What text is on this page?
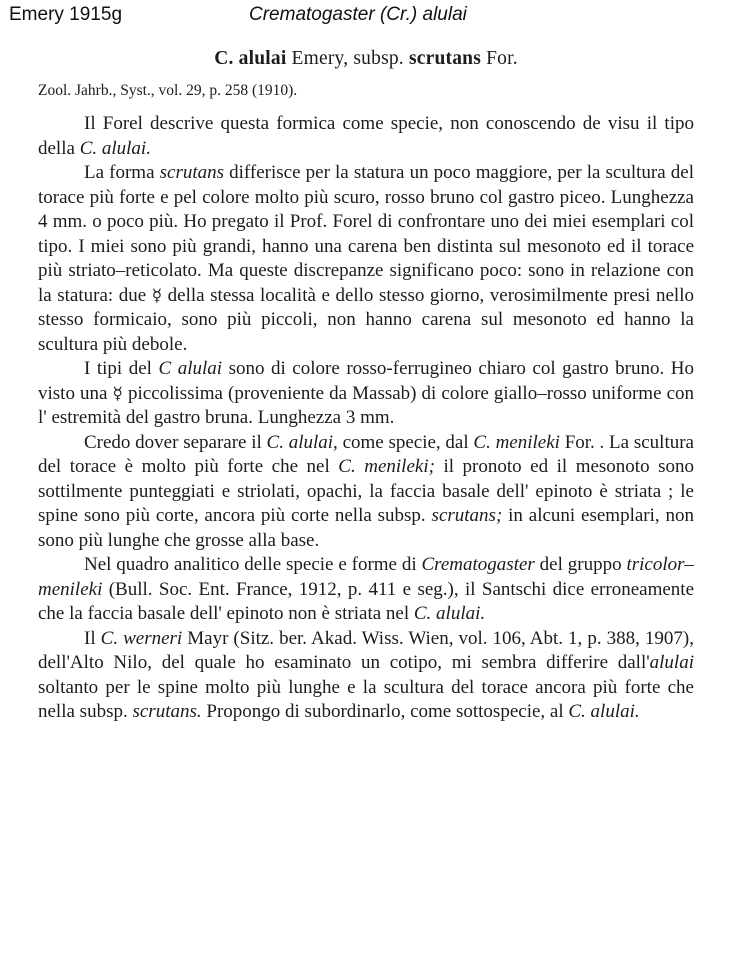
Emery 1915g	Crematogaster (Cr.) alulai
C. alulai Emery, subsp. scrutans For.
Zool. Jahrb., Syst., vol. 29, p. 258 (1910).

Il Forel descrive questa formica come specie, non conoscendo de visu il tipo della C. alulai.

La forma scrutans differisce per la statura un poco maggiore, per la scultura del torace più forte e pel colore molto più scuro, rosso bruno col gastro piceo. Lunghezza 4 mm. o poco più. Ho pregato il Prof. Forel di confrontare uno dei miei esemplari col tipo. I miei sono più grandi, hanno una carena ben distinta sul mesonoto ed il torace più striato–reticolato. Ma queste discrepanze significano poco: sono in relazione con la statura: due ☿ della stessa località e dello stesso giorno, verosimilmente presi nello stesso formicaio, sono più piccoli, non hanno carena sul mesonoto ed hanno la scultura più debole.

I tipi del C alulai sono di colore rosso-ferrugineo chiaro col gastro bruno. Ho visto una ☿ piccolissima (proveniente da Massab) di colore giallo–rosso uniforme con l' estremità del gastro bruna. Lunghezza 3 mm.

Credo dover separare il C. alulai, come specie, dal C. menileki For. . La scultura del torace è molto più forte che nel C. menileki; il pronoto ed il mesonoto sono sottilmente punteggiati e striolati, opachi, la faccia basale dell' epinoto è striata ; le spine sono più corte, ancora più corte nella subsp. scrutans; in alcuni esemplari, non sono più lunghe che grosse alla base.

Nel quadro analitico delle specie e forme di Crematogaster del gruppo tricolor–menileki (Bull. Soc. Ent. France, 1912, p. 411 e seg.), il Santschi dice erroneamente che la faccia basale dell' epinoto non è striata nel C. alulai.

Il C. werneri Mayr (Sitz. ber. Akad. Wiss. Wien, vol. 106, Abt. 1, p. 388, 1907), dell'Alto Nilo, del quale ho esaminato un cotipo, mi sembra differire dall'alulai soltanto per le spine molto più lunghe e la scultura del torace ancora più forte che nella subsp. scrutans. Propongo di subordinarlo, come sottospecie, al C. alulai.
